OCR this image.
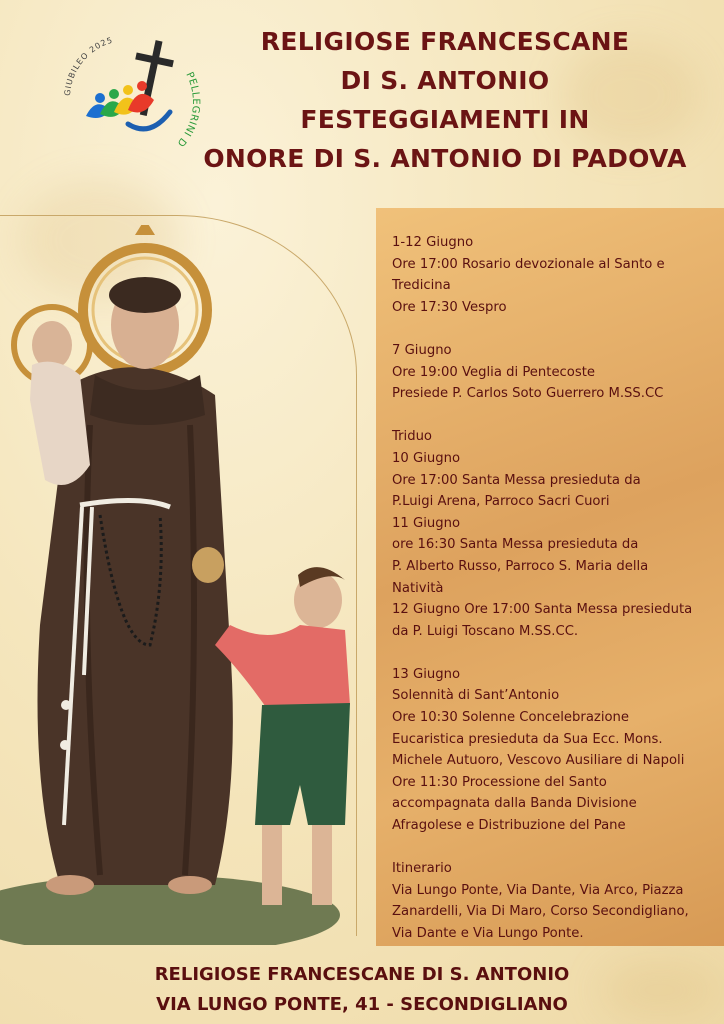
GIUBILEO 2025
PELLEGRINI D
RELIGIOSE FRANCESCANE
DI S. ANTONIO
FESTEGGIAMENTI IN
ONORE DI S. ANTONIO DI PADOVA

1-12 Giugno

Ore 17:00 Rosario devozionale al Santo e

Tredicina

Ore 17:30 Vespro

7 Giugno

Ore 19:00 Veglia di Pentecoste

Presiede P. Carlos Soto Guerrero M.SS.CC

Triduo

10 Giugno

Ore 17:00 Santa Messa presieduta da

P.Luigi Arena, Parroco Sacri Cuori

11 Giugno

ore 16:30 Santa Messa presieduta da

P. Alberto Russo, Parroco S. Maria della

Natività

12 Giugno Ore 17:00 Santa Messa presieduta

da P. Luigi Toscano M.SS.CC.

13 Giugno

Solennità di Sant’Antonio

Ore 10:30 Solenne Concelebrazione

Eucaristica presieduta da Sua Ecc. Mons.

Michele Autuoro, Vescovo Ausiliare di Napoli

Ore 11:30 Processione del Santo

accompagnata dalla Banda Divisione

Afragolese e Distribuzione del Pane

Itinerario

Via Lungo Ponte, Via Dante, Via Arco, Piazza

Zanardelli, Via Di Maro, Corso Secondigliano,

Via Dante e Via Lungo Ponte.

RELIGIOSE FRANCESCANE DI S. ANTONIO
VIA LUNGO PONTE, 41 - SECONDIGLIANO
